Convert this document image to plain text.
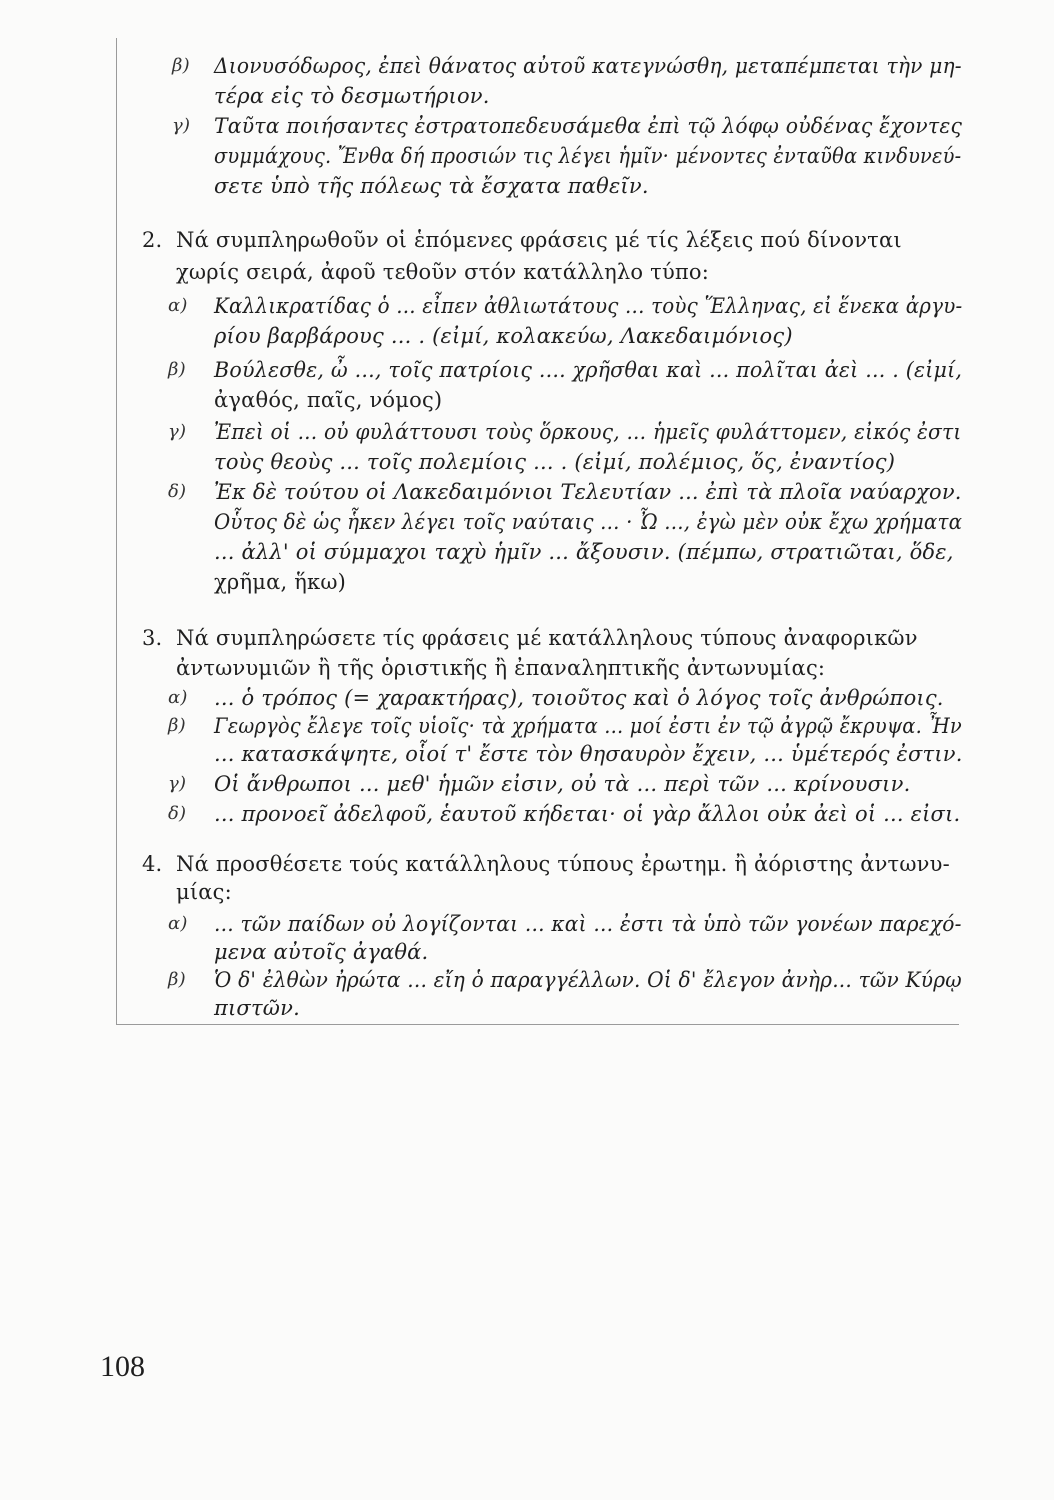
β) Διονυσόδωρος, ἐπεὶ θάνατος αὐτοῦ κατεγνώσθη, μεταπέμπεται τὴν μη-
τέρα εἰς τὸ δεσμωτήριον.
γ) Ταῦτα ποιήσαντες ἐστρατοπεδευσάμεθα ἐπὶ τῷ λόφῳ οὐδένας ἔχοντες
συμμάχους. Ἔνθα δή προσιών τις λέγει ἡμῖν· μένοντες ἐνταῦθα κινδυνεύ-
σετε ὑπὸ τῆς πόλεως τὰ ἔσχατα παθεῖν.
2. Νά συμπληρωθοῦν οἱ ἑπόμενες φράσεις μέ τίς λέξεις πού δίνονται
χωρίς σειρά, ἀφοῦ τεθοῦν στόν κατάλληλο τύπο:
α) Καλλικρατίδας ὁ ... εἶπεν ἀθλιωτάτους ... τοὺς Ἕλληνας, εἰ ἕνεκα ἀργυ-
ρίου βαρβάρους ... . (εἰμί, κολακεύω, Λακεδαιμόνιος)
β) Βούλεσθε, ὦ ..., τοῖς πατρίοις .... χρῆσθαι καὶ ... πολῖται ἀεὶ ... . (εἰμί,
ἀγαθός, παῖς, νόμος)
γ) Ἐπεὶ οἱ ... οὐ φυλάττουσι τοὺς ὅρκους, ... ἡμεῖς φυλάττομεν, εἰκός ἐστι
τοὺς θεοὺς ... τοῖς πολεμίοις ... . (εἰμί, πολέμιος, ὅς, ἐναντίος)
δ) Ἐκ δὲ τούτου οἱ Λακεδαιμόνιοι Τελευτίαν ... ἐπὶ τὰ πλοῖα ναύαρχον.
Οὗτος δὲ ὡς ἧκεν λέγει τοῖς ναύταις ... · Ὦ ..., ἐγὼ μὲν οὐκ ἔχω χρήματα
... ἀλλ' οἱ σύμμαχοι ταχὺ ἡμῖν ... ἄξουσιν. (πέμπω, στρατιῶται, ὅδε,
χρῆμα, ἥκω)
3. Νά συμπληρώσετε τίς φράσεις μέ κατάλληλους τύπους ἀναφορικῶν
ἀντωνυμιῶν ἢ τῆς ὁριστικῆς ἢ ἐπαναληπτικῆς ἀντωνυμίας:
α) ... ὁ τρόπος (= χαρακτήρας), τοιοῦτος καὶ ὁ λόγος τοῖς ἀνθρώποις.
β) Γεωργὸς ἔλεγε τοῖς υἱοῖς· τὰ χρήματα ... μοί ἐστι ἐν τῷ ἀγρῷ ἔκρυψα. Ἦν
... κατασκάψητε, οἷοί τ' ἔστε τὸν θησαυρὸν ἔχειν, ... ὑμέτερός ἐστιν.
γ) Οἱ ἄνθρωποι ... μεθ' ἡμῶν εἰσιν, οὐ τὰ ... περὶ τῶν ... κρίνουσιν.
δ) ... προνοεῖ ἀδελφοῦ, ἑαυτοῦ κήδεται· οἱ γὰρ ἄλλοι οὐκ ἀεὶ οἱ ... εἰσι.
4. Νά προσθέσετε τούς κατάλληλους τύπους ἐρωτημ. ἢ ἀόριστης ἀντωνυ-
μίας:
α) ... τῶν παίδων οὐ λογίζονται ... καὶ ... ἐστι τὰ ὑπὸ τῶν γονέων παρεχό-
μενα αὐτοῖς ἀγαθά.
β) Ὁ δ' ἐλθὼν ἠρώτα ... εἴη ὁ παραγγέλλων. Οἱ δ' ἔλεγον ἀνὴρ... τῶν Κύρῳ
πιστῶν.
108
